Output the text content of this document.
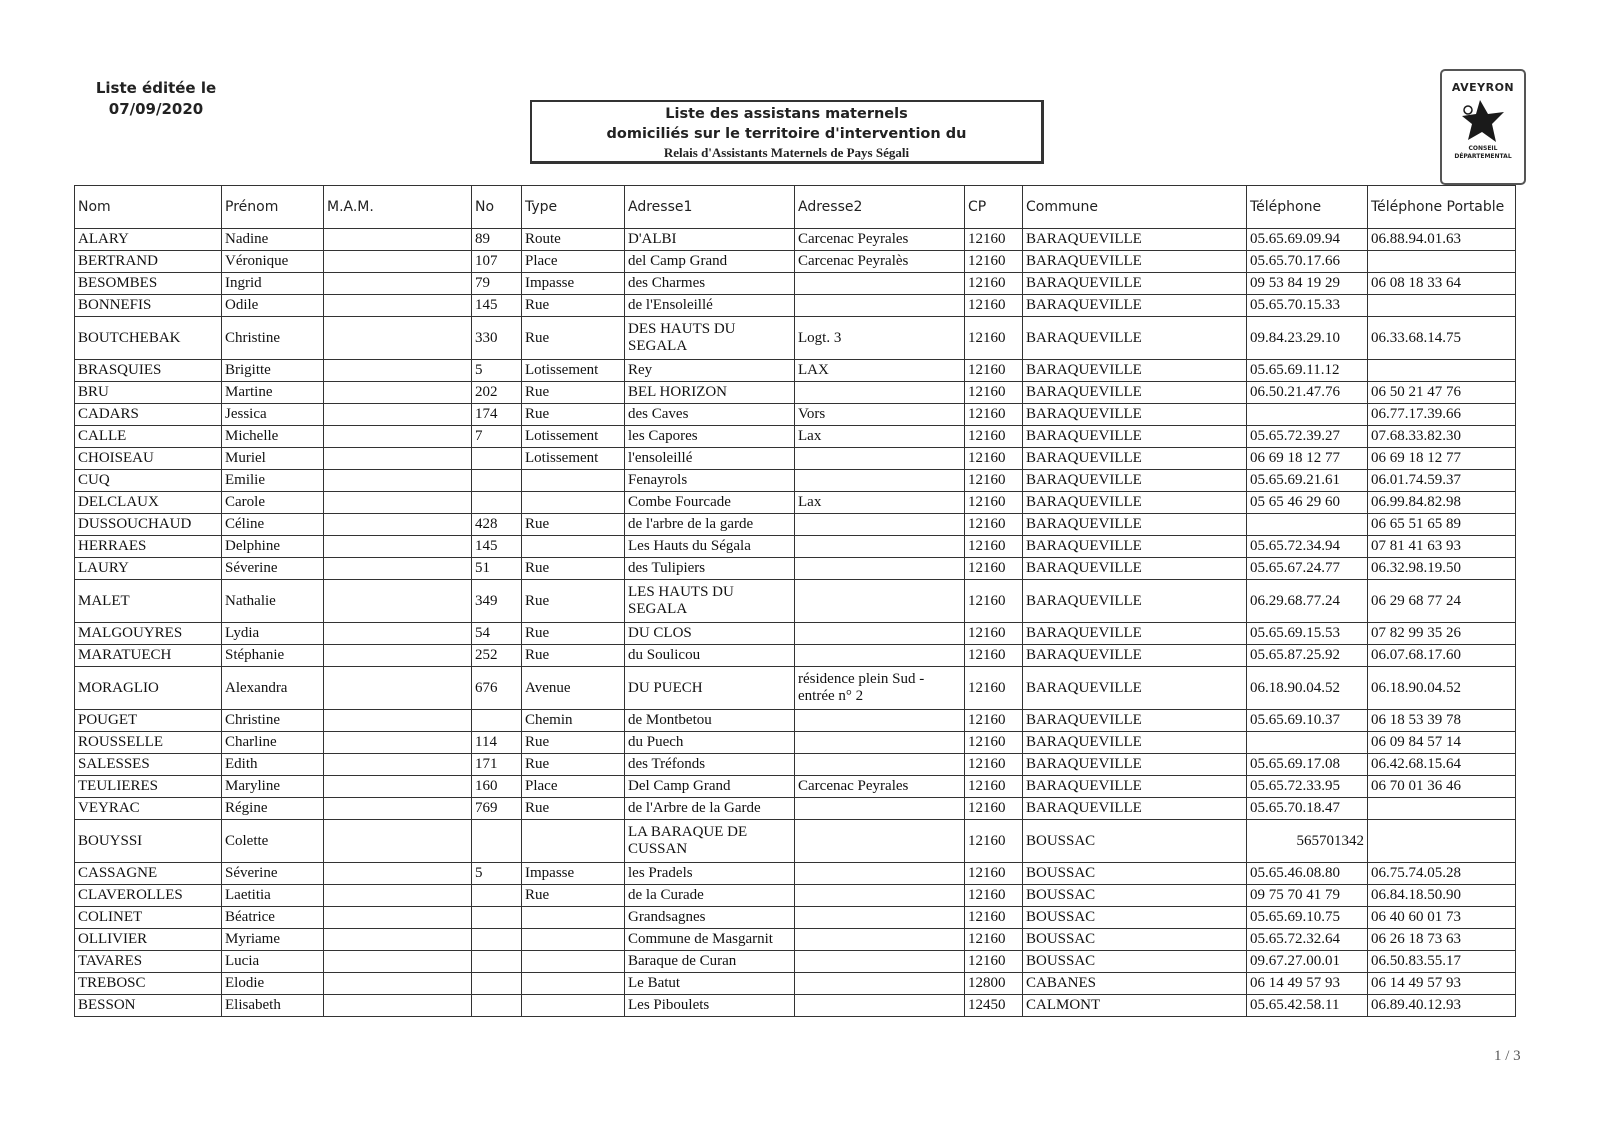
Liste éditée le
07/09/2020	Liste des assistans maternels
domiciliés sur le territoire d'intervention du
Relais d'Assistants Maternels de Pays Ségali
AVEYRON
CONSEIL
DÉPARTEMENTAL
Nom	Prénom	M.A.M.	No	Type	Adresse1	Adresse2	CP	Commune	Téléphone	Téléphone Portable
ALARY	Nadine		89	Route	D'ALBI	Carcenac Peyrales	12160	BARAQUEVILLE	05.65.69.09.94	06.88.94.01.63
BERTRAND	Véronique		107	Place	del Camp Grand	Carcenac Peyralès	12160	BARAQUEVILLE	05.65.70.17.66	
BESOMBES	Ingrid		79	Impasse	des Charmes		12160	BARAQUEVILLE	09 53 84 19 29	06 08 18 33 64
BONNEFIS	Odile		145	Rue	de l'Ensoleillé		12160	BARAQUEVILLE	05.65.70.15.33	
BOUTCHEBAK	Christine		330	Rue	DES HAUTS DU SEGALA	Logt. 3	12160	BARAQUEVILLE	09.84.23.29.10	06.33.68.14.75
BRASQUIES	Brigitte		5	Lotissement	Rey	LAX	12160	BARAQUEVILLE	05.65.69.11.12	
BRU	Martine		202	Rue	BEL HORIZON		12160	BARAQUEVILLE	06.50.21.47.76	06 50 21 47 76
CADARS	Jessica		174	Rue	des Caves	Vors	12160	BARAQUEVILLE		06.77.17.39.66
CALLE	Michelle		7	Lotissement	les Capores	Lax	12160	BARAQUEVILLE	05.65.72.39.27	07.68.33.82.30
CHOISEAU	Muriel			Lotissement	l'ensoleillé		12160	BARAQUEVILLE	06 69 18 12 77	06 69 18 12 77
CUQ	Emilie				Fenayrols		12160	BARAQUEVILLE	05.65.69.21.61	06.01.74.59.37
DELCLAUX	Carole				Combe Fourcade	Lax	12160	BARAQUEVILLE	05 65 46 29 60	06.99.84.82.98
DUSSOUCHAUD	Céline		428	Rue	de l'arbre de la garde		12160	BARAQUEVILLE		06 65 51 65 89
HERRAES	Delphine		145		Les Hauts du Ségala		12160	BARAQUEVILLE	05.65.72.34.94	07 81 41 63 93
LAURY	Séverine		51	Rue	des Tulipiers		12160	BARAQUEVILLE	05.65.67.24.77	06.32.98.19.50
MALET	Nathalie		349	Rue	LES HAUTS DU SEGALA		12160	BARAQUEVILLE	06.29.68.77.24	06 29 68 77 24
MALGOUYRES	Lydia		54	Rue	DU CLOS		12160	BARAQUEVILLE	05.65.69.15.53	07 82 99 35 26
MARATUECH	Stéphanie		252	Rue	du Soulicou		12160	BARAQUEVILLE	05.65.87.25.92	06.07.68.17.60
MORAGLIO	Alexandra		676	Avenue	DU PUECH	résidence plein Sud - entrée n° 2	12160	BARAQUEVILLE	06.18.90.04.52	06.18.90.04.52
POUGET	Christine			Chemin	de Montbetou		12160	BARAQUEVILLE	05.65.69.10.37	06 18 53 39 78
ROUSSELLE	Charline		114	Rue	du Puech		12160	BARAQUEVILLE		06 09 84 57 14
SALESSES	Edith		171	Rue	des Tréfonds		12160	BARAQUEVILLE	05.65.69.17.08	06.42.68.15.64
TEULIERES	Maryline		160	Place	Del Camp Grand	Carcenac Peyrales	12160	BARAQUEVILLE	05.65.72.33.95	06 70 01 36 46
VEYRAC	Régine		769	Rue	de l'Arbre de la Garde		12160	BARAQUEVILLE	05.65.70.18.47	
BOUYSSI	Colette				LA BARAQUE DE CUSSAN		12160	BOUSSAC	565701342	
CASSAGNE	Séverine		5	Impasse	les Pradels		12160	BOUSSAC	05.65.46.08.80	06.75.74.05.28
CLAVEROLLES	Laetitia			Rue	de la Curade		12160	BOUSSAC	09 75 70 41 79	06.84.18.50.90
COLINET	Béatrice				Grandsagnes		12160	BOUSSAC	05.65.69.10.75	06 40 60 01 73
OLLIVIER	Myriame				Commune de Masgarnit		12160	BOUSSAC	05.65.72.32.64	06 26 18 73 63
TAVARES	Lucia				Baraque de Curan		12160	BOUSSAC	09.67.27.00.01	06.50.83.55.17
TREBOSC	Elodie				Le Batut		12800	CABANES	06 14 49 57 93	06 14 49 57 93
BESSON	Elisabeth				Les Piboulets		12450	CALMONT	05.65.42.58.11	06.89.40.12.93
1 / 3
